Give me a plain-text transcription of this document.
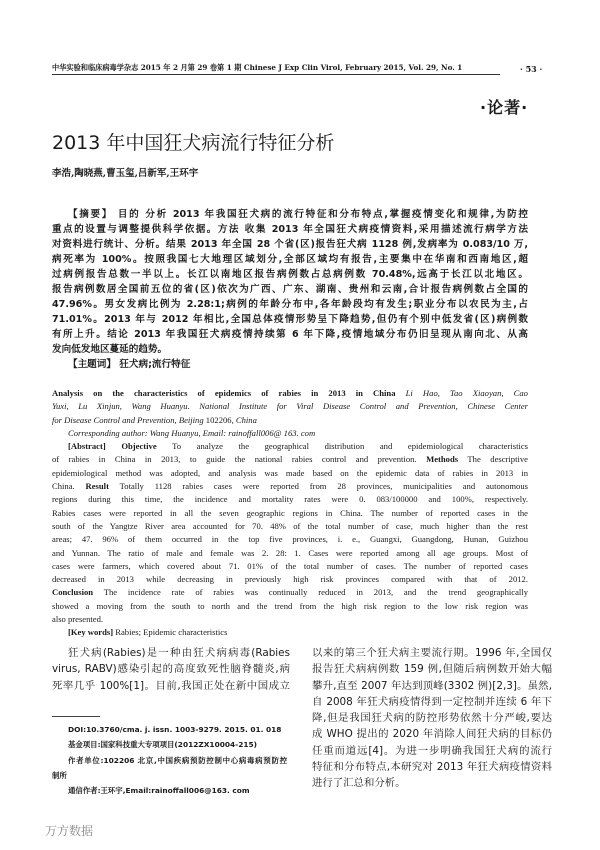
中华实验和临床病毒学杂志 2015 年 2 月第 29 卷第 1 期 Chinese J Exp Clin Virol, February 2015, Vol. 29, No. 1	· 53 ·
·论著·
2013 年中国狂犬病流行特征分析
李浩,陶晓燕,曹玉玺,吕新军,王环宇
【摘要】 目的 分析 2013 年我国狂犬病的流行特征和分布特点,掌握疫情变化和规律,为防控
重点的设置与调整提供科学依据。方法 收集 2013 年全国狂犬病疫情资料,采用描述流行病学方法
对资料进行统计、分析。结果 2013 年全国 28 个省(区)报告狂犬病 1128 例,发病率为 0.083/10 万,
病死率为 100%。按照我国七大地理区域划分,全部区域均有报告,主要集中在华南和西南地区,超
过病例报告总数一半以上。长江以南地区报告病例数占总病例数 70.48%,远高于长江以北地区。
报告病例数居全国前五位的省(区)依次为广西、广东、湖南、贵州和云南,合计报告病例数占全国的
47.96%。男女发病比例为 2.28:1;病例的年龄分布中,各年龄段均有发生;职业分布以农民为主,占
71.01%。2013 年与 2012 年相比,全国总体疫情形势呈下降趋势,但仍有个别中低发省(区)病例数
有所上升。结论 2013 年我国狂犬病疫情持续第 6 年下降,疫情地域分布仍旧呈现从南向北、从高
发向低发地区蔓延的趋势。
【主题词】 狂犬病;流行特征
Analysis on the characteristics of epidemics of rabies in 2013 in China Li Hao, Tao Xiaoyan, Cao
Yuxi, Lu Xinjun, Wang Huanyu. National Institute for Viral Disease Control and Prevention, Chinese Center
for Disease Control and Prevention, Beijing 102206, China
Corresponding author: Wang Huanyu, Email: rainoffall006@ 163. com
[Abstract] Objective To analyze the geographical distribution and epidemiological characteristics
of rabies in China in 2013, to guide the national rabies control and prevention. Methods The descriptive
epidemiological method was adopted, and analysis was made based on the epidemic data of rabies in 2013 in
China. Result Totally 1128 rabies cases were reported from 28 provinces, municipalities and autonomous
regions during this time, the incidence and mortality rates were 0. 083/100000 and 100%, respectively.
Rabies cases were reported in all the seven geographic regions in China. The number of reported cases in the
south of the Yangtze River area accounted for 70. 48% of the total number of case, much higher than the rest
areas; 47. 96% of them occurred in the top five provinces, i. e., Guangxi, Guangdong, Hunan, Guizhou
and Yunnan. The ratio of male and female was 2. 28: 1. Cases were reported among all age groups. Most of
cases were farmers, which covered about 71. 01% of the total number of cases. The number of reported cases
decreased in 2013 while decreasing in previously high risk provinces compared with that of 2012.
Conclusion The incidence rate of rabies was continually reduced in 2013, and the trend geographically
showed a moving from the south to north and the trend from the high risk region to the low risk region was
also presented.
[Key words] Rabies; Epidemic characteristics
狂犬病(Rabies)是一种由狂犬病病毒(Rabies
virus, RABV)感染引起的高度致死性脑脊髓炎,病
死率几乎 100%[1]。目前,我国正处在新中国成立
以来的第三个狂犬病主要流行期。1996 年,全国仅
报告狂犬病病例数 159 例,但随后病例数开始大幅
攀升,直至 2007 年达到顶峰(3302 例)[2,3]。虽然,
自 2008 年狂犬病疫情得到一定控制并连续 6 年下
降,但是我国狂犬病的防控形势依然十分严峻,要达
成 WHO 提出的 2020 年消除人间狂犬病的目标仍
任重而道远[4]。为进一步明确我国狂犬病的流行
特征和分布特点,本研究对 2013 年狂犬病疫情资料
进行了汇总和分析。
DOI:10.3760/cma. j. issn. 1003-9279. 2015. 01. 018
基金项目:国家科技重大专项项目(2012ZX10004-215)
作者单位:102206 北京,中国疾病预防控制中心病毒病预防控
制所
通信作者:王环宇,Email:rainoffall006@163. com
万方数据
